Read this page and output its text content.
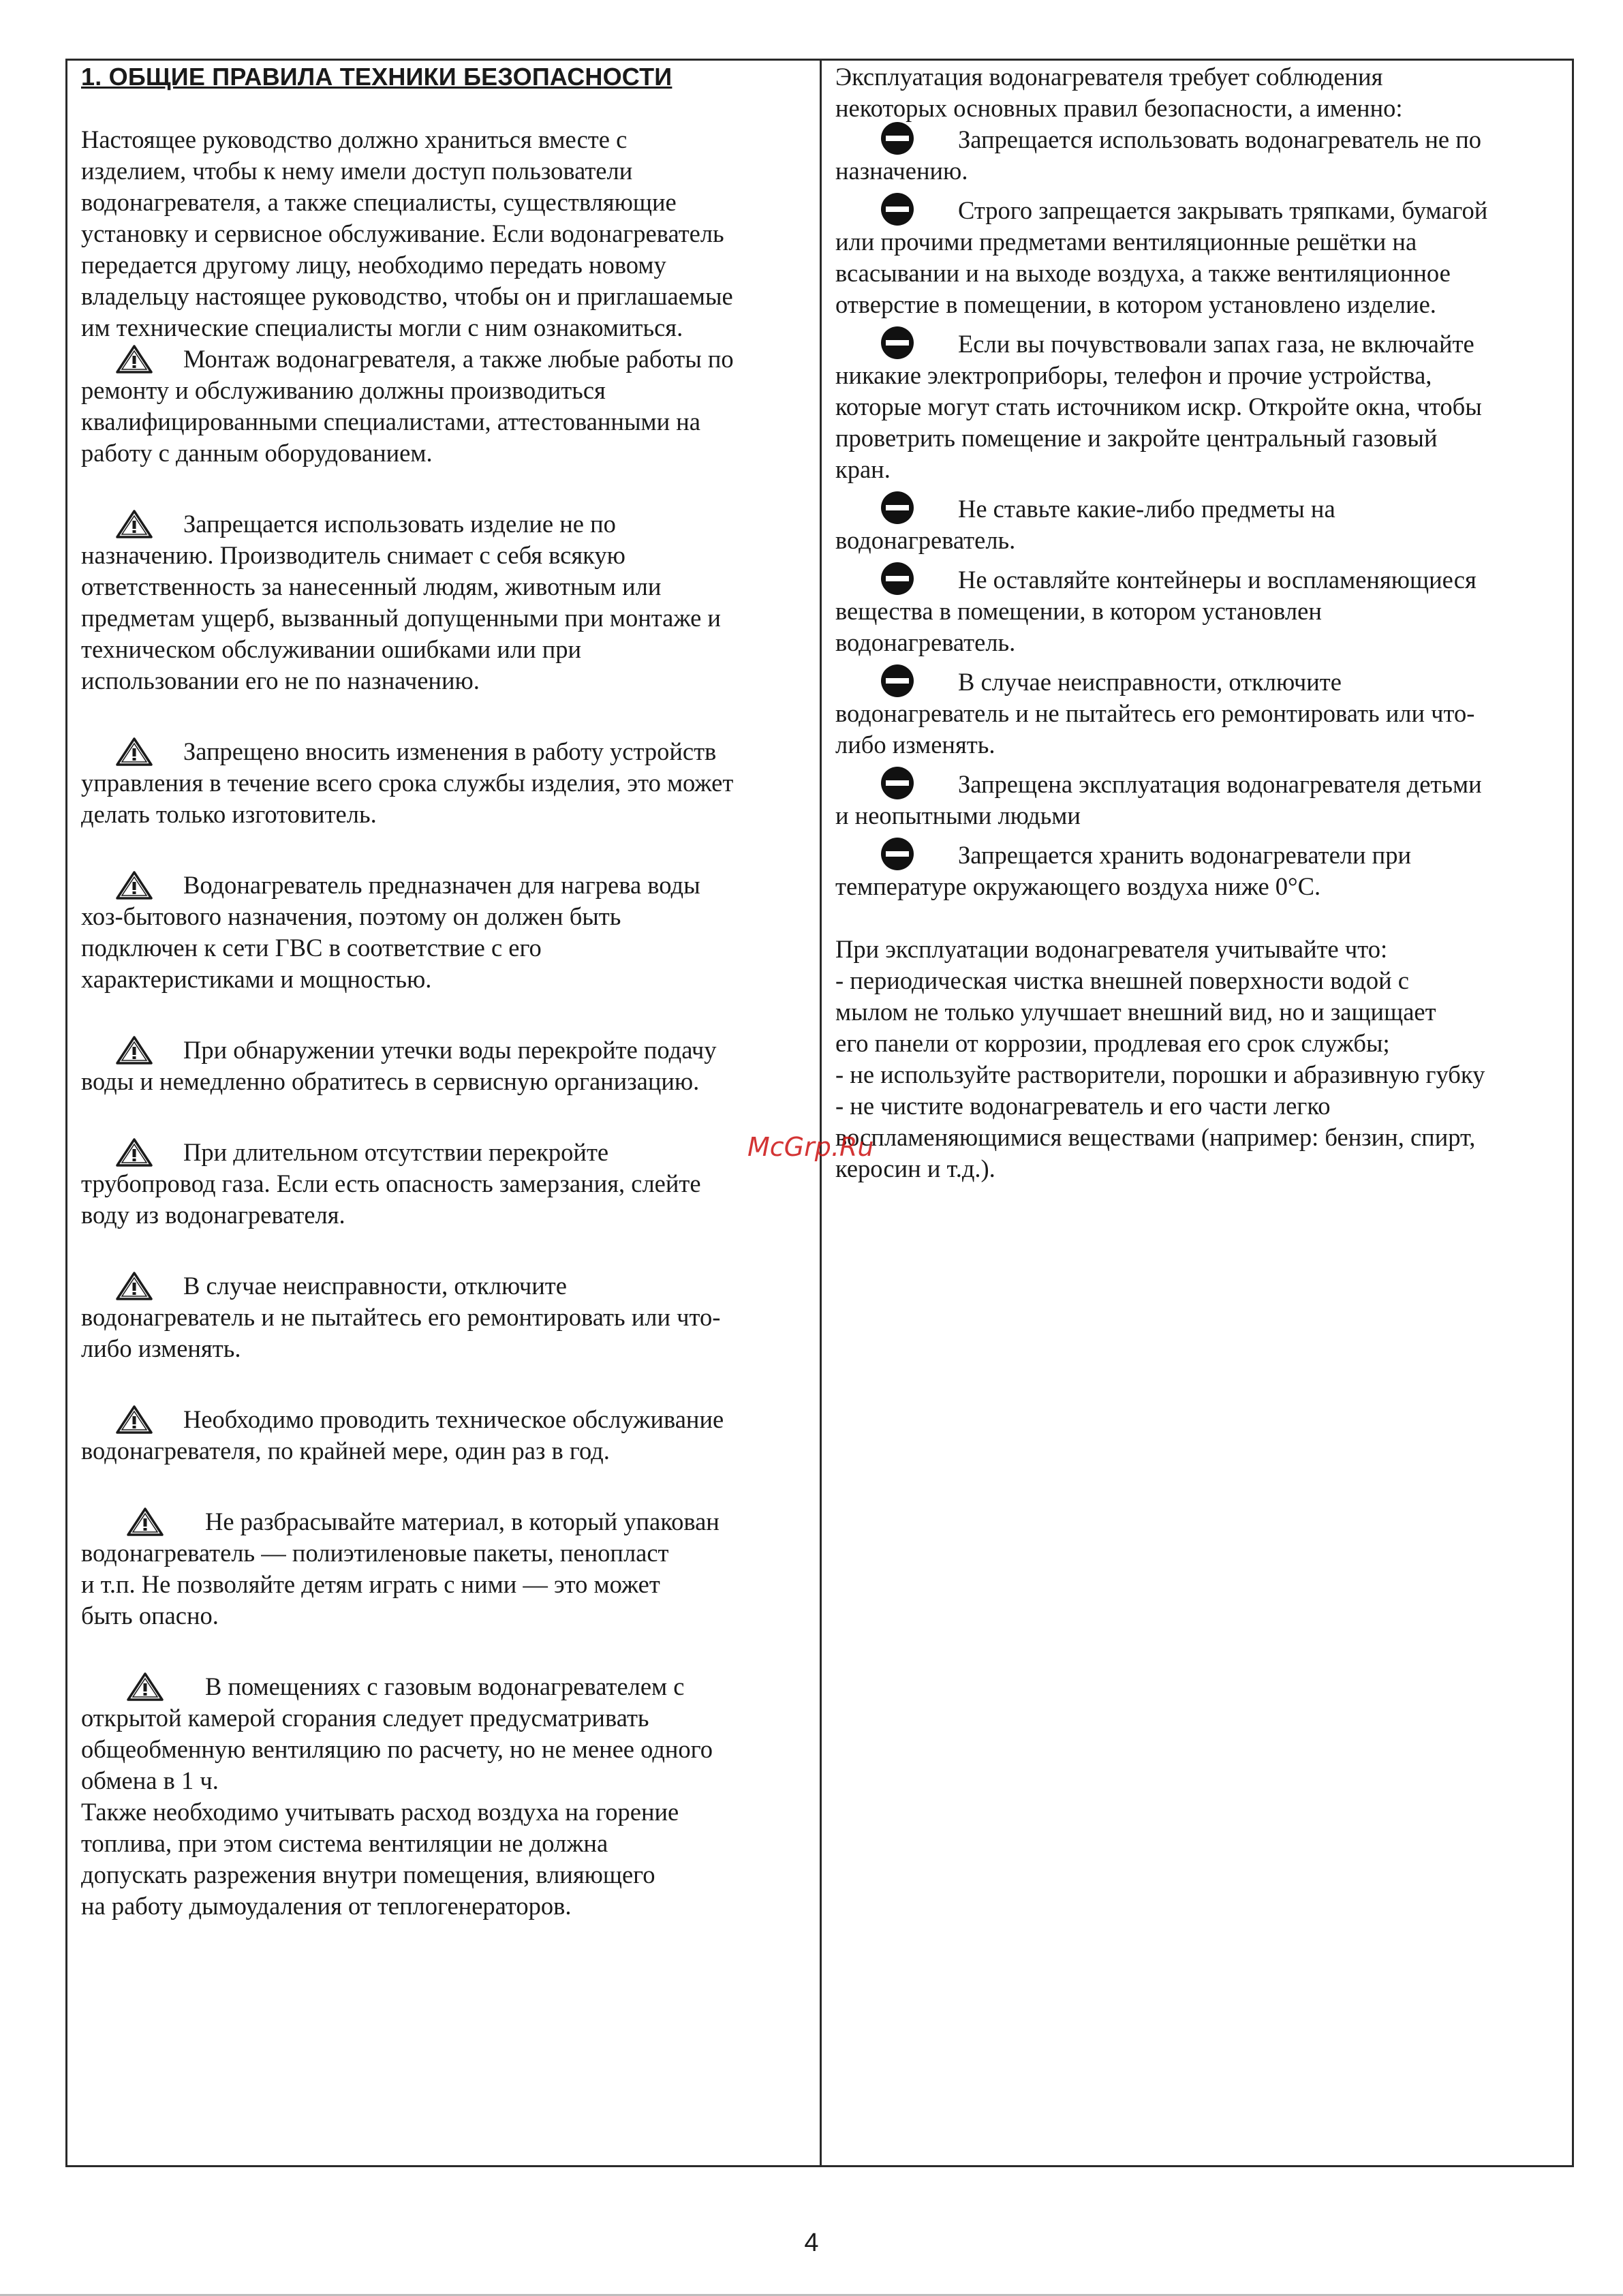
1. ОБЩИЕ ПРАВИЛА ТЕХНИКИ БЕЗОПАСНОСТИ

Настоящее руководство должно храниться вместе с

изделием, чтобы к нему имели доступ пользователи

водонагревателя, а также специалисты, существляющие

установку и сервисное обслуживание. Если водонагреватель

передается другому лицу, необходимо передать новому

владельцу настоящее руководство, чтобы он и приглашаемые

им технические специалисты могли с ним ознакомиться.

Монтаж водонагревателя, а также любые работы по

ремонту и обслуживанию должны производиться

квалифицированными специалистами, аттестованными на

работу с данным оборудованием.

Запрещается использовать изделие не по

назначению. Производитель снимает с себя всякую

ответственность за нанесенный людям, животным или

предметам ущерб, вызванный допущенными при монтаже и

техническом обслуживании ошибками или при

использовании его не по назначению.

Запрещено вносить изменения в работу устройств

управления в течение всего срока службы изделия, это может

делать только изготовитель.

Водонагреватель предназначен для нагрева воды

хоз-бытового назначения, поэтому он должен быть

подключен к сети ГВС в соответствие с его

характеристиками и мощностью.

При обнаружении утечки воды перекройте подачу

воды и немедленно обратитесь в сервисную организацию.

При длительном отсутствии перекройте

трубопровод газа. Если есть опасность замерзания, слейте

воду из водонагревателя.

В случае неисправности, отключите

водонагреватель и не пытайтесь его ремонтировать или что-

либо изменять.

Необходимо проводить техническое обслуживание

водонагревателя, по крайней мере, один раз в год.

Не разбрасывайте материал, в который упакован

водонагреватель — полиэтиленовые пакеты, пенопласт

и т.п. Не позволяйте детям играть с ними — это может

быть опасно.

В помещениях с газовым водонагревателем с

открытой камерой сгорания следует предусматривать

общеобменную вентиляцию по расчету, но не менее одного

обмена в 1 ч.

Также необходимо учитывать расход воздуха на горение

топлива, при этом система вентиляции не должна

допускать разрежения внутри помещения, влияющего

на работу дымоудаления от теплогенераторов.

Эксплуатация водонагревателя требует соблюдения

некоторых основных правил безопасности, а именно:

Запрещается использовать водонагреватель не по

назначению.

Строго запрещается закрывать тряпками, бумагой

или прочими предметами вентиляционные решётки на

всасывании и на выходе воздуха, а также вентиляционное

отверстие в помещении, в котором установлено изделие.

Если вы почувствовали запах газа, не включайте

никакие электроприборы, телефон и прочие устройства,

которые могут стать источником искр. Откройте окна, чтобы

проветрить помещение и закройте центральный газовый

кран.

Не ставьте какие-либо предметы на

водонагреватель.

Не оставляйте контейнеры и воспламеняющиеся

вещества в помещении, в котором установлен

водонагреватель.

В случае неисправности, отключите

водонагреватель и не пытайтесь его ремонтировать или что-

либо изменять.

Запрещена эксплуатация водонагревателя детьми

и неопытными людьми

Запрещается хранить водонагреватели при

температуре окружающего воздуха ниже 0°С.

При эксплуатации водонагревателя учитывайте что:

- периодическая чистка внешней поверхности водой с

мылом не только улучшает внешний вид, но и защищает

его панели от коррозии, продлевая его срок службы;

- не используйте растворители, порошки и абразивную губку

- не чистите водонагреватель и его части легко

воспламеняющимися веществами (например: бензин, спирт,

керосин и т.д.).

McGrp.Ru
4
